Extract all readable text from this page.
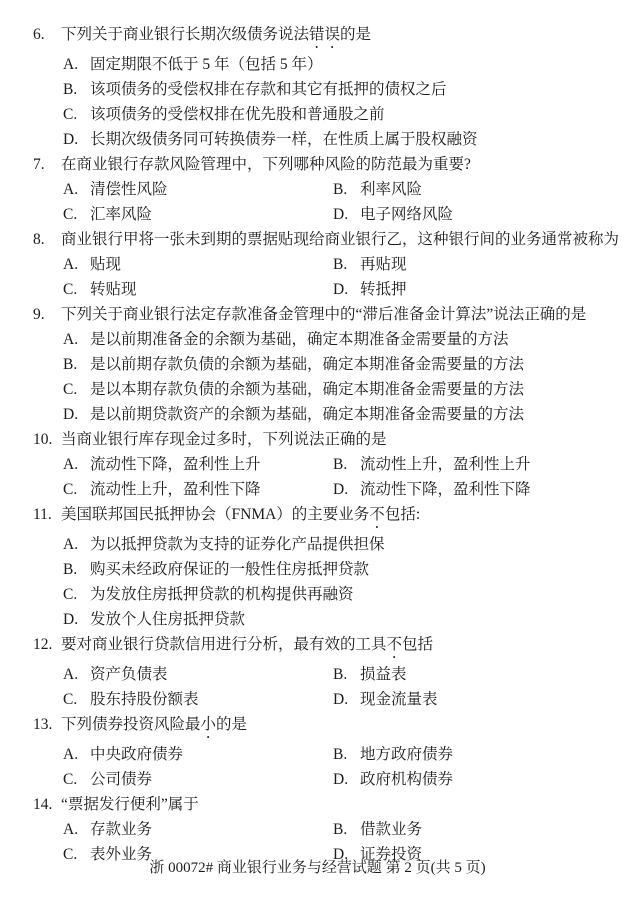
6.	下列关于商业银行长期次级债务说法错误的是
A. 固定期限不低于 5 年（包括 5 年）
B. 该项债务的受偿权排在存款和其它有抵押的债权之后
C. 该项债务的受偿权排在优先股和普通股之前
D. 长期次级债务同可转换债券一样，在性质上属于股权融资
7.	在商业银行存款风险管理中，下列哪种风险的防范最为重要?
A. 清偿性风险	B. 利率风险
C. 汇率风险	D. 电子网络风险
8.	商业银行甲将一张未到期的票据贴现给商业银行乙，这种银行间的业务通常被称为
A. 贴现	B. 再贴现
C. 转贴现	D. 转抵押
9.	下列关于商业银行法定存款准备金管理中的“滞后准备金计算法”说法正确的是
A. 是以前期准备金的余额为基础，确定本期准备金需要量的方法
B. 是以前期存款负债的余额为基础，确定本期准备金需要量的方法
C. 是以本期存款负债的余额为基础，确定本期准备金需要量的方法
D. 是以前期贷款资产的余额为基础，确定本期准备金需要量的方法
10. 当商业银行库存现金过多时，下列说法正确的是
A. 流动性下降，盈利性上升	B. 流动性上升，盈利性上升
C. 流动性上升，盈利性下降	D. 流动性下降，盈利性下降
11. 美国联邦国民抵押协会（FNMA）的主要业务不包括:
A. 为以抵押贷款为支持的证券化产品提供担保
B. 购买未经政府保证的一般性住房抵押贷款
C. 为发放住房抵押贷款的机构提供再融资
D. 发放个人住房抵押贷款
12. 要对商业银行贷款信用进行分析，最有效的工具不包括
A. 资产负债表	B. 损益表
C. 股东持股份额表	D. 现金流量表
13. 下列债券投资风险最小的是
A. 中央政府债券	B. 地方政府债券
C. 公司债券	D. 政府机构债券
14. “票据发行便利”属于
A. 存款业务	B. 借款业务
C. 表外业务	D. 证券投资
浙 00072# 商业银行业务与经营试题 第 2 页(共 5 页)
